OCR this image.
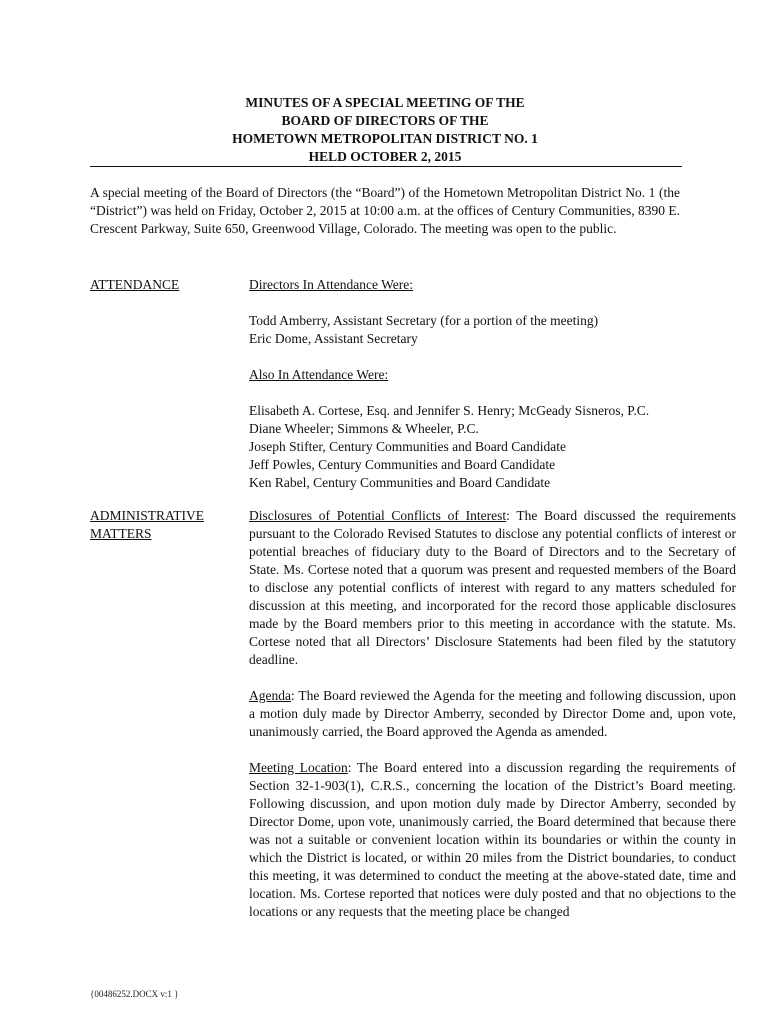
MINUTES OF A SPECIAL MEETING OF THE
BOARD OF DIRECTORS OF THE
HOMETOWN METROPOLITAN DISTRICT NO. 1
HELD OCTOBER 2, 2015

A special meeting of the Board of Directors (the “Board”) of the Hometown Metropolitan District No. 1 (the “District”) was held on Friday, October 2, 2015 at 10:00 a.m. at the offices of Century Communities, 8390 E. Crescent Parkway, Suite 650, Greenwood Village, Colorado. The meeting was open to the public.

ATTENDANCE	Directors In Attendance Were:
Todd Amberry, Assistant Secretary (for a portion of the meeting)
Eric Dome, Assistant Secretary
Also In Attendance Were:
Elisabeth A. Cortese, Esq. and Jennifer S. Henry; McGeady Sisneros, P.C.
Diane Wheeler; Simmons & Wheeler, P.C.
Joseph Stifter, Century Communities and Board Candidate
Jeff Powles, Century Communities and Board Candidate
Ken Rabel, Century Communities and Board Candidate
ADMINISTRATIVE
MATTERS

Disclosures of Potential Conflicts of Interest: The Board discussed the requirements pursuant to the Colorado Revised Statutes to disclose any potential conflicts of interest or potential breaches of fiduciary duty to the Board of Directors and to the Secretary of State. Ms. Cortese noted that a quorum was present and requested members of the Board to disclose any potential conflicts of interest with regard to any matters scheduled for discussion at this meeting, and incorporated for the record those applicable disclosures made by the Board members prior to this meeting in accordance with the statute. Ms. Cortese noted that all Directors’ Disclosure Statements had been filed by the statutory deadline.

Agenda: The Board reviewed the Agenda for the meeting and following discussion, upon a motion duly made by Director Amberry, seconded by Director Dome and, upon vote, unanimously carried, the Board approved the Agenda as amended.

Meeting Location: The Board entered into a discussion regarding the requirements of Section 32-1-903(1), C.R.S., concerning the location of the District’s Board meeting. Following discussion, and upon motion duly made by Director Amberry, seconded by Director Dome, upon vote, unanimously carried, the Board determined that because there was not a suitable or convenient location within its boundaries or within the county in which the District is located, or within 20 miles from the District boundaries, to conduct this meeting, it was determined to conduct the meeting at the above-stated date, time and location. Ms. Cortese reported that notices were duly posted and that no objections to the locations or any requests that the meeting place be changed

{00486252.DOCX v:1 }
